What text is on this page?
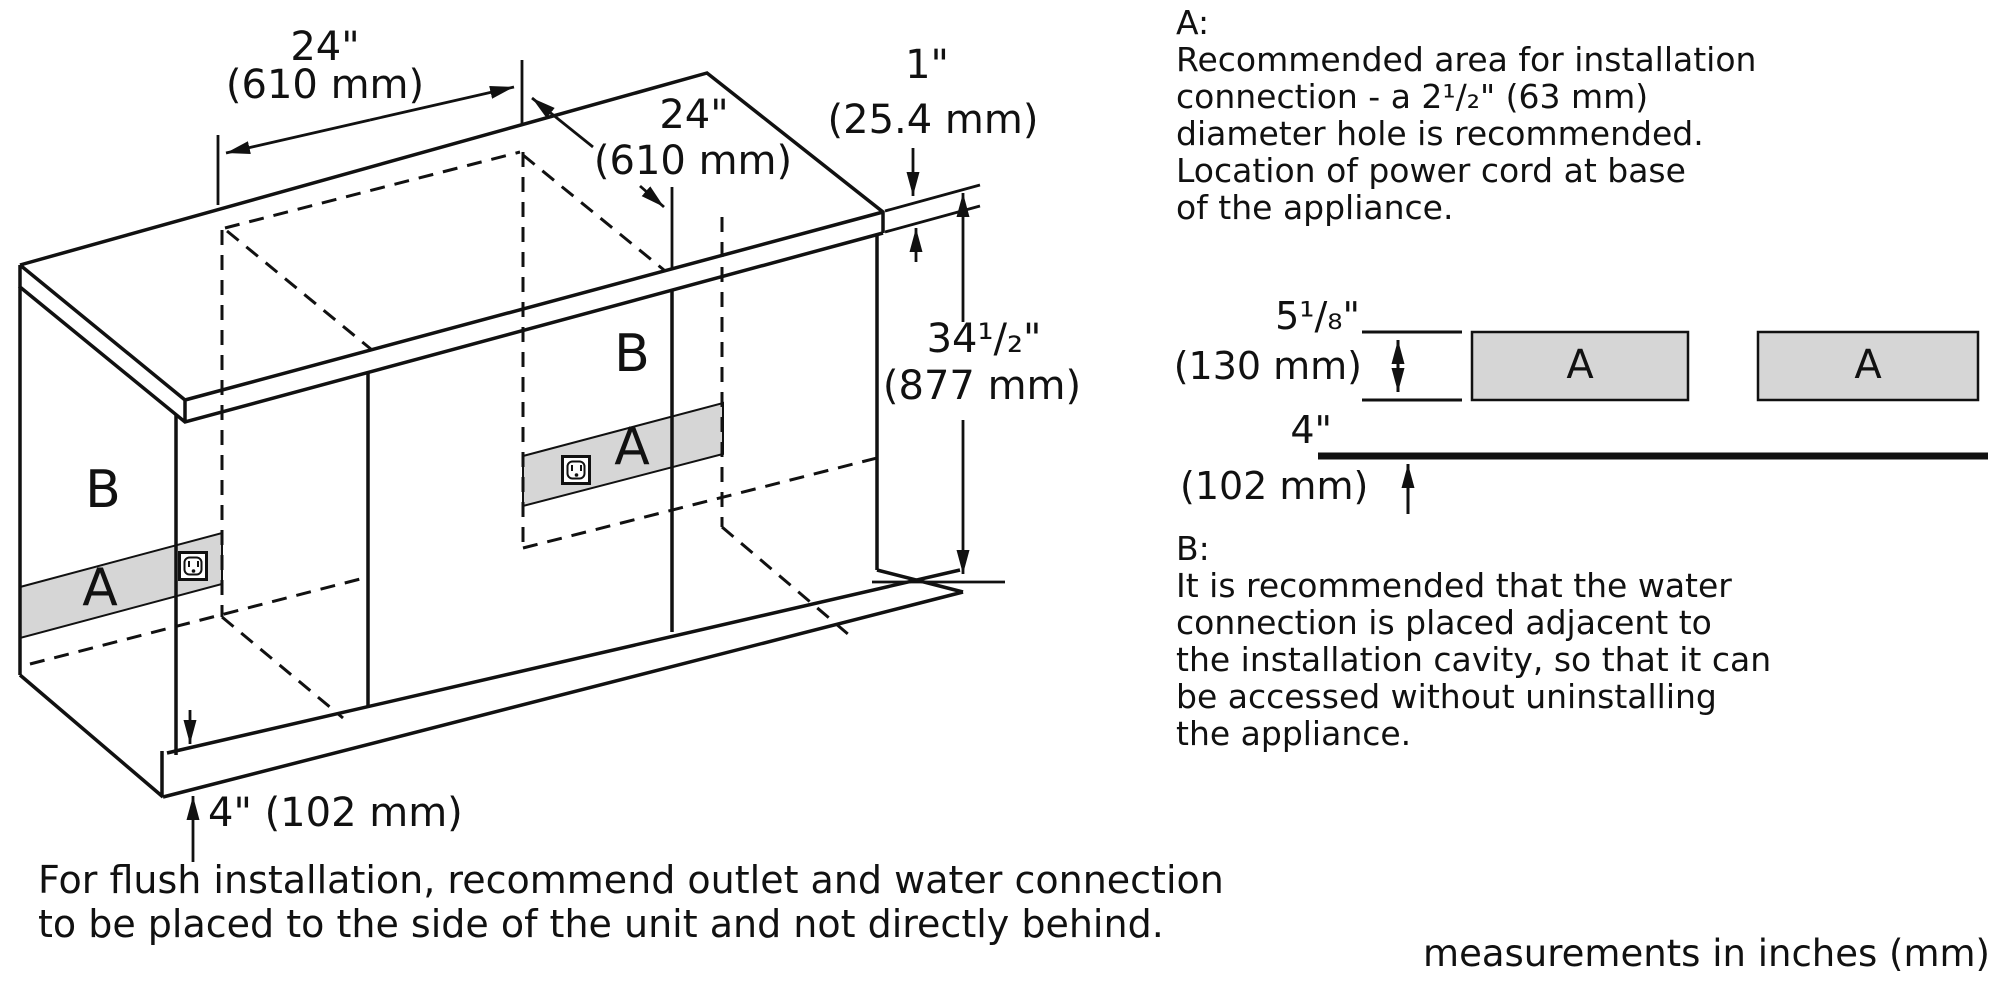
24"
(610 mm)
24"
(610 mm)
1"
(25.4 mm)
34¹/₂"
(877 mm)
4" (102 mm)
B
A
B
A
A:
Recommended area for installation
connection - a 2¹/₂" (63 mm)
diameter hole is recommended.
Location of power cord at base
of the appliance.
5¹/₈"
(130 mm)
4"
(102 mm)
A	A
B:
It is recommended that the water
connection is placed adjacent to
the installation cavity, so that it can
be accessed without uninstalling
the appliance.
For flush installation, recommend outlet and water connection
to be placed to the side of the unit and not directly behind.
measurements in inches (mm)
